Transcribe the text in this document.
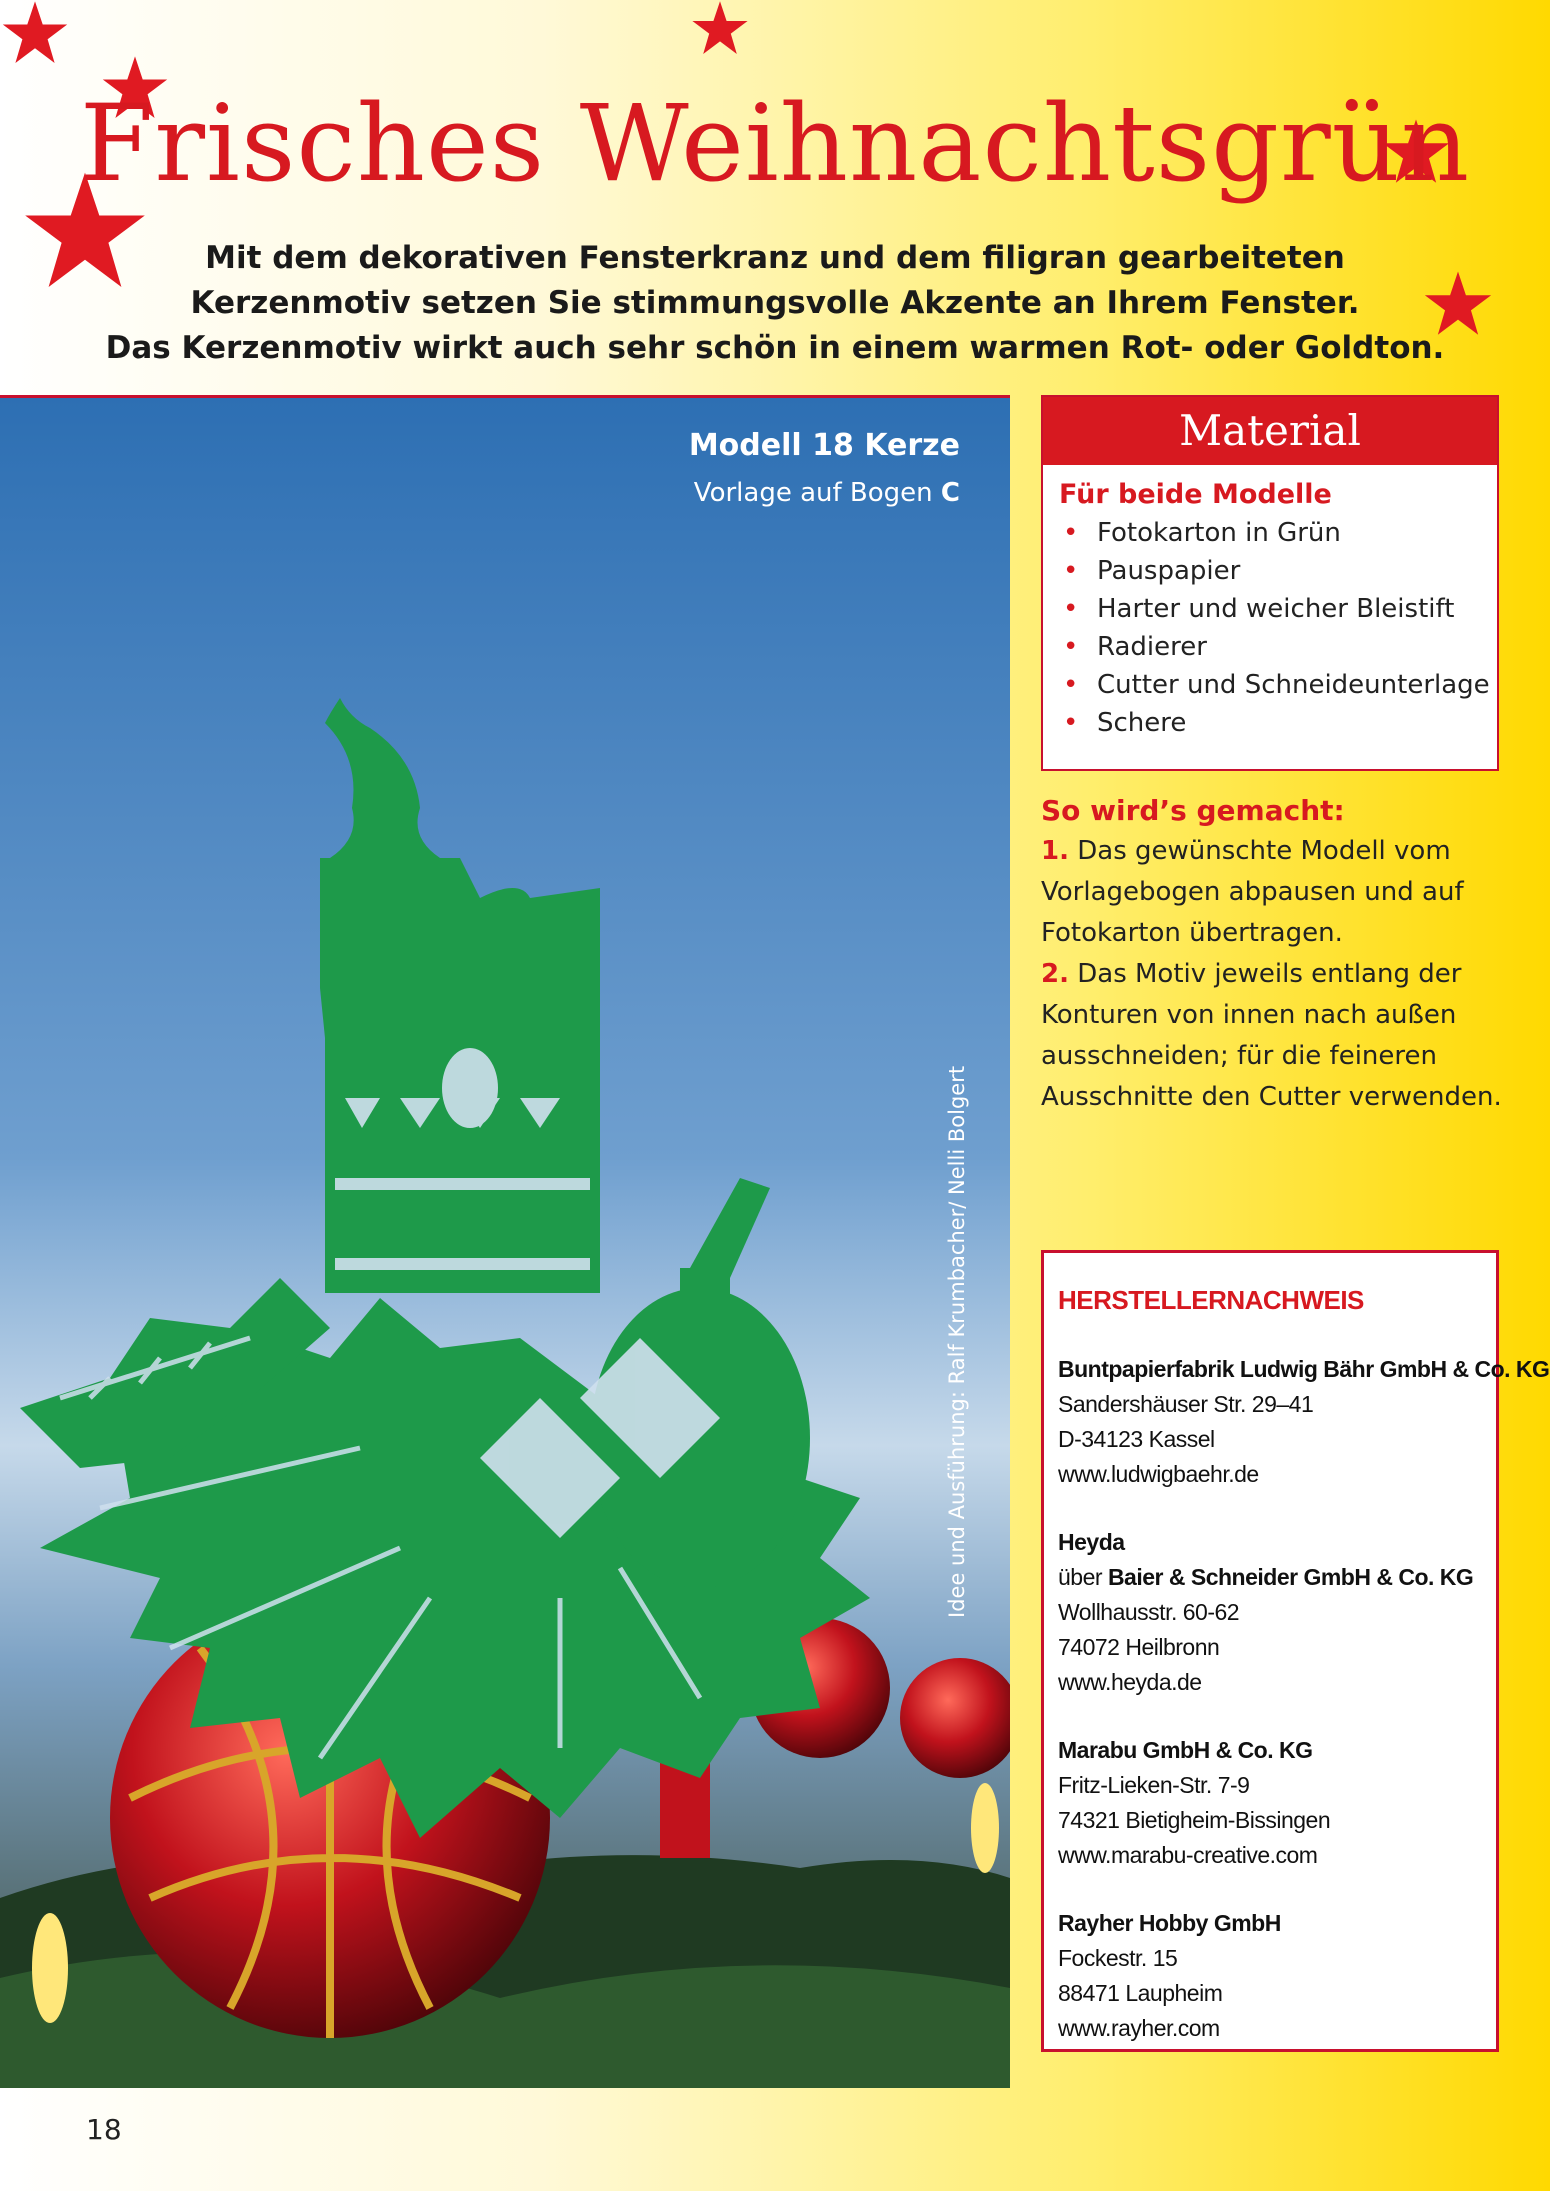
Frisches Weihnachtsgrün
Mit dem dekorativen Fensterkranz und dem filigran gearbeiteten
Kerzenmotiv setzen Sie stimmungsvolle Akzente an Ihrem Fenster.
Das Kerzenmotiv wirkt auch sehr schön in einem warmen Rot- oder Goldton.
Modell 18 Kerze
Vorlage auf Bogen C
Idee und Ausführung: Ralf Krumbacher/ Nelli Bolgert
Material
Für beide Modelle
• Fotokarton in Grün
• Pauspapier
• Harter und weicher Bleistift
• Radierer
• Cutter und Schneideunterlage
• Schere
So wird’s gemacht:
1. Das gewünschte Modell vom Vorlagebogen abpausen und auf Fotokarton übertragen.
2. Das Motiv jeweils entlang der Konturen von innen nach außen ausschneiden; für die feineren Ausschnitte den Cutter verwenden.
HERSTELLERNACHWEIS
Buntpapierfabrik Ludwig Bähr GmbH & Co. KG
Sandershäuser Str. 29–41
D-34123 Kassel
www.ludwigbaehr.de
Heyda
über Baier & Schneider GmbH & Co. KG
Wollhausstr. 60-62
74072 Heilbronn
www.heyda.de
Marabu GmbH & Co. KG
Fritz-Lieken-Str. 7-9
74321 Bietigheim-Bissingen
www.marabu-creative.com
Rayher Hobby GmbH
Fockestr. 15
88471 Laupheim
www.rayher.com
18
